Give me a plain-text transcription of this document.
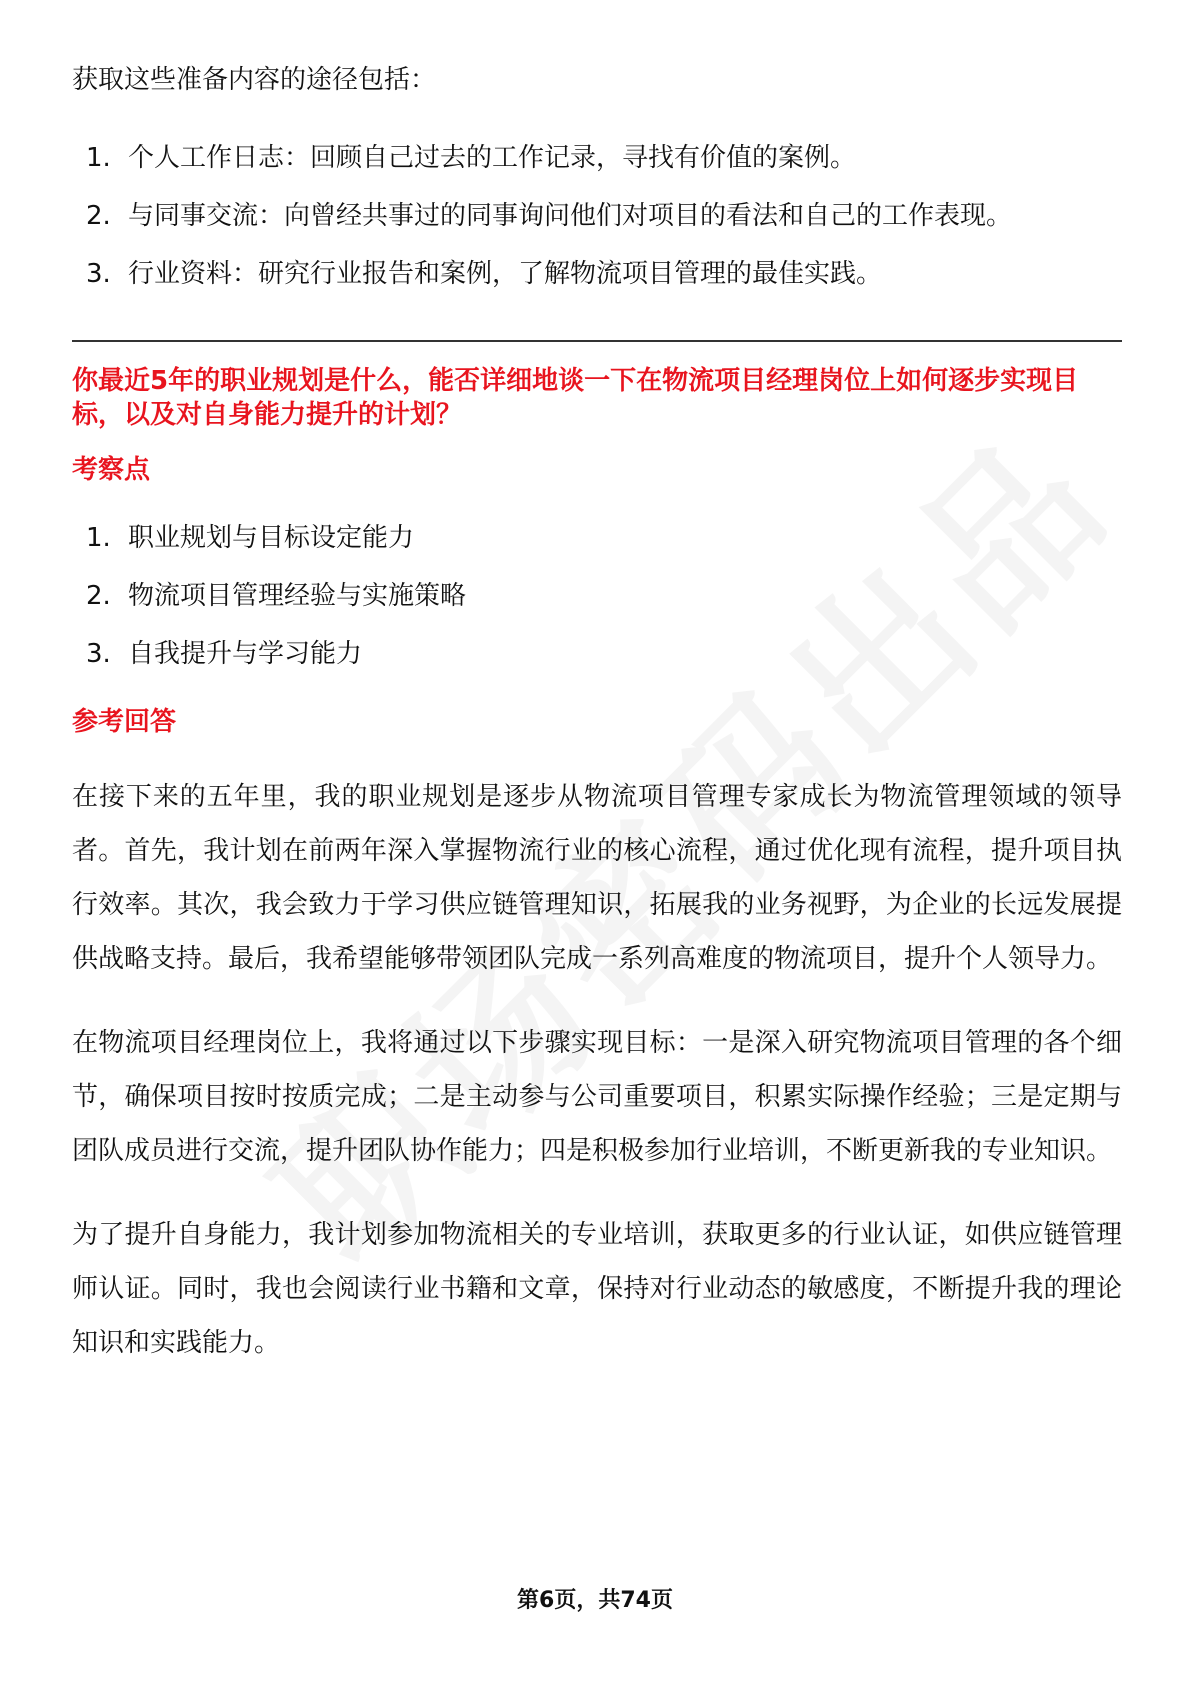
获取这些准备内容的途径包括：

1. 个人工作日志：回顾自己过去的工作记录，寻找有价值的案例。
2. 与同事交流：向曾经共事过的同事询问他们对项目的看法和自己的工作表现。
3. 行业资料：研究行业报告和案例，了解物流项目管理的最佳实践。
你最近5年的职业规划是什么，能否详细地谈一下在物流项目经理岗位上如何逐步实现目标，以及对自身能力提升的计划？
考察点
1. 职业规划与目标设定能力
2. 物流项目管理经验与实施策略
3. 自我提升与学习能力
参考回答

在接下来的五年里，我的职业规划是逐步从物流项目管理专家成长为物流管理领域的领导者。首先，我计划在前两年深入掌握物流行业的核心流程，通过优化现有流程，提升项目执行效率。其次，我会致力于学习供应链管理知识，拓展我的业务视野，为企业的长远发展提供战略支持。最后，我希望能够带领团队完成一系列高难度的物流项目，提升个人领导力。

在物流项目经理岗位上，我将通过以下步骤实现目标：一是深入研究物流项目管理的各个细节，确保项目按时按质完成；二是主动参与公司重要项目，积累实际操作经验；三是定期与团队成员进行交流，提升团队协作能力；四是积极参加行业培训，不断更新我的专业知识。

为了提升自身能力，我计划参加物流相关的专业培训，获取更多的行业认证，如供应链管理师认证。同时，我也会阅读行业书籍和文章，保持对行业动态的敏感度，不断提升我的理论知识和实践能力。

第6页，共74页
